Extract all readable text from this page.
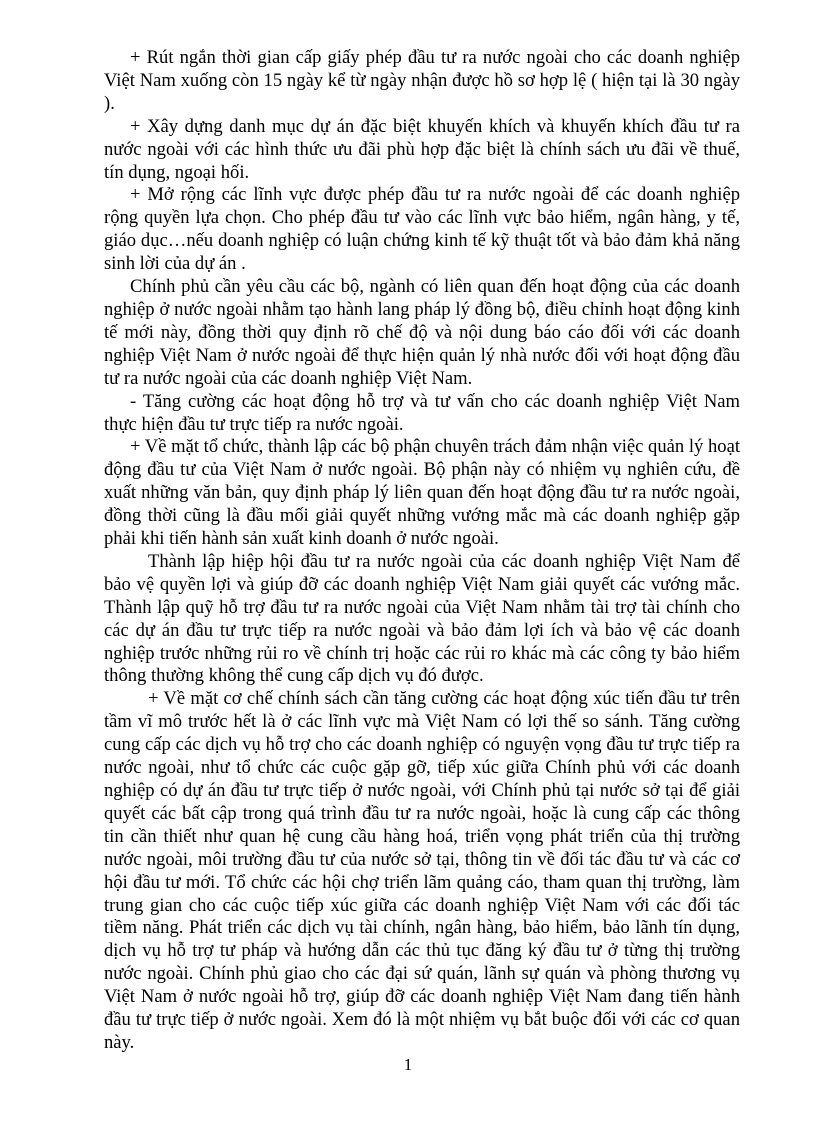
+ Rút ngắn thời gian cấp giấy phép đầu tư ra nước ngoài cho các doanh nghiệp Việt Nam xuống còn 15 ngày kể từ ngày nhận được hồ sơ hợp lệ ( hiện tại là 30 ngày ).

+ Xây dựng danh mục dự án đặc biệt khuyến khích và khuyến khích đầu tư ra nước ngoài với các hình thức ưu đãi phù hợp đặc biệt là chính sách ưu đãi về thuế, tín dụng, ngoại hối.

+ Mở rộng các lĩnh vực được phép đầu tư ra nước ngoài để các doanh nghiệp rộng quyền lựa chọn. Cho phép đầu tư vào các lĩnh vực bảo hiểm, ngân hàng, y tế, giáo dục…nếu doanh nghiệp có luận chứng kinh tế kỹ thuật tốt và bảo đảm khả năng sinh lời của dự án .

Chính phủ cần yêu cầu các bộ, ngành có liên quan đến hoạt động của các doanh nghiệp ở nước ngoài nhằm tạo hành lang pháp lý đồng bộ, điều chỉnh hoạt động kinh tế mới này, đồng thời quy định rõ chế độ và nội dung báo cáo đối với các doanh nghiệp Việt Nam ở nước ngoài để thực hiện quản lý nhà nước đối với hoạt động đầu tư ra nước ngoài của các doanh nghiệp Việt Nam.

- Tăng cường các hoạt động hỗ trợ và tư vấn cho các doanh nghiệp Việt Nam thực hiện đầu tư trực tiếp ra nước ngoài.

+ Về mặt tổ chức, thành lập các bộ phận chuyên trách đảm nhận việc quản lý hoạt động đầu tư của Việt Nam ở nước ngoài. Bộ phận này có nhiệm vụ nghiên cứu, đề xuất những văn bản, quy định pháp lý liên quan đến hoạt động đầu tư ra nước ngoài, đồng thời cũng là đầu mối giải quyết những vướng mắc mà các doanh nghiệp gặp phải khi tiến hành sản xuất kinh doanh ở nước ngoài.

Thành lập hiệp hội đầu tư ra nước ngoài của các doanh nghiệp Việt Nam để bảo vệ quyền lợi và giúp đỡ các doanh nghiệp Việt Nam giải quyết các vướng mắc. Thành lập quỹ hỗ trợ đầu tư ra nước ngoài của Việt Nam nhằm tài trợ tài chính cho các dự án đầu tư trực tiếp ra nước ngoài và bảo đảm lợi ích và bảo vệ các doanh nghiệp trước những rủi ro về chính trị hoặc các rủi ro khác mà các công ty bảo hiểm thông thường không thể cung cấp dịch vụ đó được.

+ Về mặt cơ chế chính sách cần tăng cường các hoạt động xúc tiến đầu tư trên tầm vĩ mô trước hết là ở các lĩnh vực mà Việt Nam có lợi thế so sánh. Tăng cường cung cấp các dịch vụ hỗ trợ cho các doanh nghiệp có nguyện vọng đầu tư trực tiếp ra nước ngoài, như tổ chức các cuộc gặp gỡ, tiếp xúc giữa Chính phủ với các doanh nghiệp có dự án đầu tư trực tiếp ở nước ngoài, với Chính phủ tại nước sở tại để giải quyết các bất cập trong quá trình đầu tư ra nước ngoài, hoặc là cung cấp các thông tin cần thiết như quan hệ cung cầu hàng hoá, triển vọng phát triển của thị trường nước ngoài, môi trường đầu tư của nước sở tại, thông tin về đối tác đầu tư và các cơ hội đầu tư mới. Tổ chức các hội chợ triển lãm quảng cáo, tham quan thị trường, làm trung gian cho các cuộc tiếp xúc giữa các doanh nghiệp Việt Nam với các đối tác tiềm năng. Phát triển các dịch vụ tài chính, ngân hàng, bảo hiểm, bảo lãnh tín dụng, dịch vụ hỗ trợ tư pháp và hướng dẫn các thủ tục đăng ký đầu tư ở từng thị trường nước ngoài. Chính phủ giao cho các đại sứ quán, lãnh sự quán và phòng thương vụ Việt Nam ở nước ngoài hỗ trợ, giúp đỡ các doanh nghiệp Việt Nam đang tiến hành đầu tư trực tiếp ở nước ngoài. Xem đó là một nhiệm vụ bắt buộc đối với các cơ quan này.

1
